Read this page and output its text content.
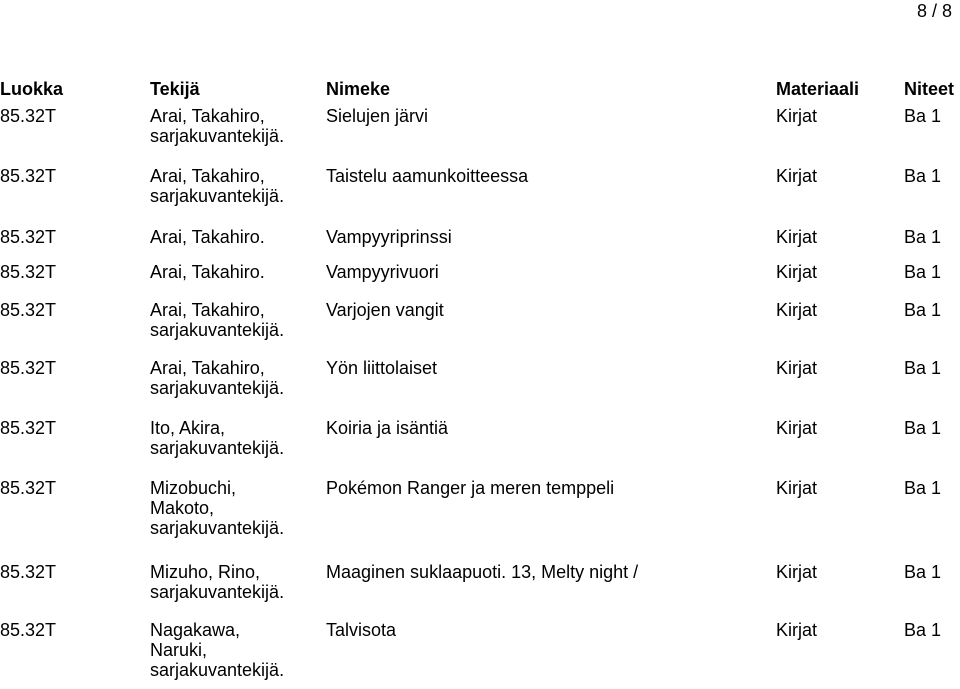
8 / 8
Luokka	Tekijä	Nimeke	Materiaali Niteet
85.32T	Arai, Takahiro,
sarjakuvantekijä.
Sielujen järvi	Kirjat	Ba 1
85.32T	Arai, Takahiro,
sarjakuvantekijä.
Taistelu aamunkoitteessa	Kirjat	Ba 1
85.32T	Arai, Takahiro.	Vampyyriprinssi	Kirjat	Ba 1
85.32T	Arai, Takahiro.	Vampyyrivuori	Kirjat	Ba 1
85.32T	Arai, Takahiro,
sarjakuvantekijä.
Varjojen vangit	Kirjat	Ba 1
85.32T	Arai, Takahiro,
sarjakuvantekijä.
Yön liittolaiset	Kirjat	Ba 1
85.32T	Ito, Akira,
sarjakuvantekijä.
Koiria ja isäntiä	Kirjat	Ba 1
85.32T	Mizobuchi,
Makoto,
sarjakuvantekijä.
Pokémon Ranger ja meren temppeli	Kirjat	Ba 1
85.32T	Mizuho, Rino,
sarjakuvantekijä.
Maaginen suklaapuoti. 13, Melty night /	Kirjat	Ba 1
85.32T	Nagakawa,
Naruki,
sarjakuvantekijä.
Talvisota	Kirjat	Ba 1
